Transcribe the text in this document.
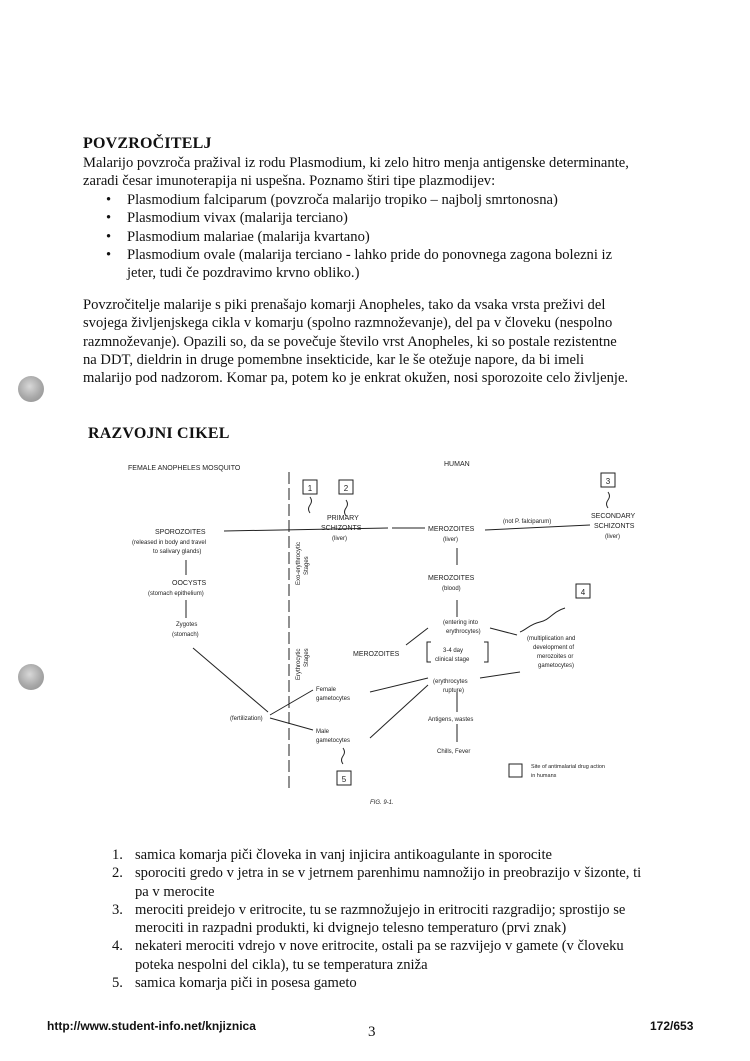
POVZROČITELJ
Malarijo povzroča pražival iz rodu Plasmodium, ki zelo hitro menja antigenske determinante,
zaradi česar imunoterapija ni uspešna. Poznamo štiri tipe plazmodijev:
• Plasmodium falciparum (povzroča malarijo tropiko – najbolj smrtonosna)
• Plasmodium vivax (malarija terciano)
• Plasmodium malariae (malarija kvartano)
• Plasmodium ovale (malarija terciano - lahko pride do ponovnega zagona bolezni iz
jeter, tudi če pozdravimo krvno obliko.)
Povzročitelje malarije s piki prenašajo komarji Anopheles, tako da vsaka vrsta preživi del
svojega življenjskega cikla v komarju (spolno razmnoževanje), del pa v človeku (nespolno
razmnoževanje). Opazili so, da se povečuje število vrst Anopheles, ki so postale rezistentne
na DDT, dieldrin in druge pomembne insekticide, kar le še otežuje napore, da bi imeli
malarijo pod nadzorom. Komar pa, potem ko je enkrat okužen, nosi sporozoite celo življenje.
RAZVOJNI CIKEL
1	2
3
4
5
FEMALE ANOPHELES MOSQUITO
HUMAN
PRIMARY
SCHIZONTS
(liver)
SPOROZOITES
(released in body and travel
to salivary glands)
OOCYSTS
(stomach epithelium)
Zygotes
(stomach)
MEROZOITES
(liver)
(not P. falciparum)
SECONDARY
SCHIZONTS
(liver)
MEROZOITES
(blood)
(entering into
erythrocytes)
MEROZOITES	3-4 day
clinical stage
(multiplication and
development of
merozoites or
gametocytes)
(erythrocytes
rupture)
Female
gametocytes
Male
gametocytes
(fertilization)	Antigens, wastes
Chills, Fever
Site of antimalarial drug action
in humans
FIG. 9-1.
Exo-erythrocytic Stages
Erythrocytic Stages
1. samica komarja piči človeka in vanj injicira antikoagulante in sporocite
2. sporociti gredo v jetra in se v jetrnem parenhimu namnožijo in preobrazijo v šizonte, ti
pa v merocite
3. merociti preidejo v eritrocite, tu se razmnožujejo in eritrociti razgradijo; sprostijo se
merociti in razpadni produkti, ki dvignejo telesno temperaturo (prvi znak)
4. nekateri merociti vdrejo v nove eritrocite, ostali pa se razvijejo v gamete (v človeku
poteka nespolni del cikla), tu se temperatura zniža
5. samica komarja piči in posesa gameto
http://www.student-info.net/knjiznica	3	172/653
